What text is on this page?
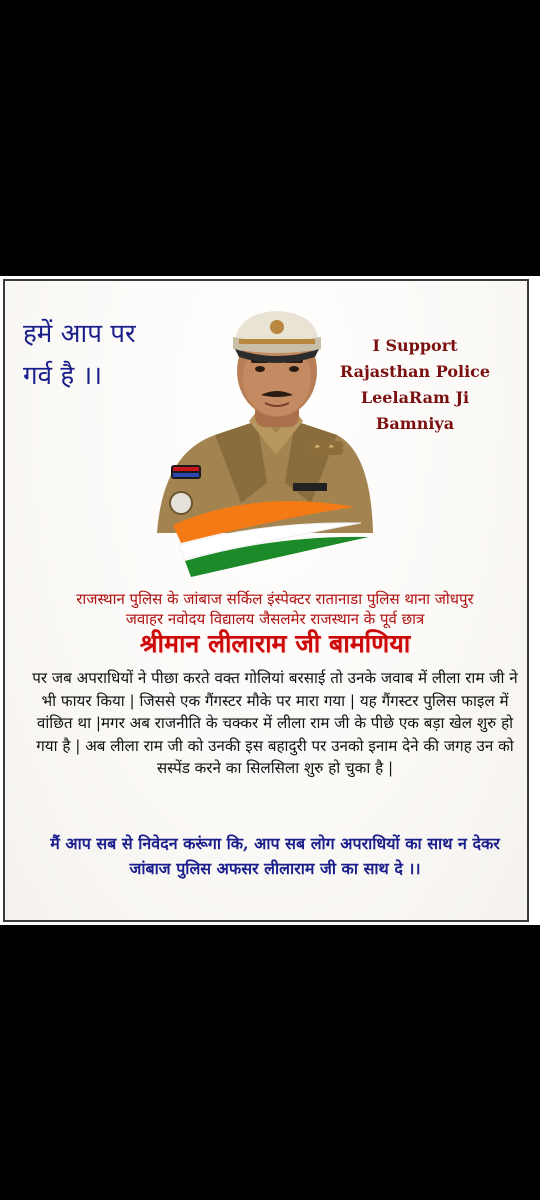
हमें आप पर
गर्व है ।।
I Support
Rajasthan Police
LeelaRam Ji
Bamniya
राजस्थान पुलिस के जांबाज सर्किल इंस्पेक्टर रातानाडा पुलिस थाना जोधपुर
जवाहर नवोदय विद्यालय जैसलमेर राजस्थान के पूर्व छात्र
श्रीमान लीलाराम जी बामणिया
पर जब अपराधियों ने पीछा करते वक्त गोलियां बरसाई तो उनके जवाब में लीला राम जी ने भी फायर किया | जिससे एक गैंगस्टर मौके पर मारा गया | यह गैंगस्टर पुलिस फाइल में वांछित था |मगर अब राजनीति के चक्कर में लीला राम जी के पीछे एक बड़ा खेल शुरु हो गया है | अब लीला राम जी को उनकी इस बहादुरी पर उनको इनाम देने की जगह उन को सस्पेंड करने का सिलसिला शुरु हो चुका है |
मैं आप सब से निवेदन करूंगा कि, आप सब लोग अपराधियों का साथ न देकर जांबाज पुलिस अफसर लीलाराम जी का साथ दे ।।
